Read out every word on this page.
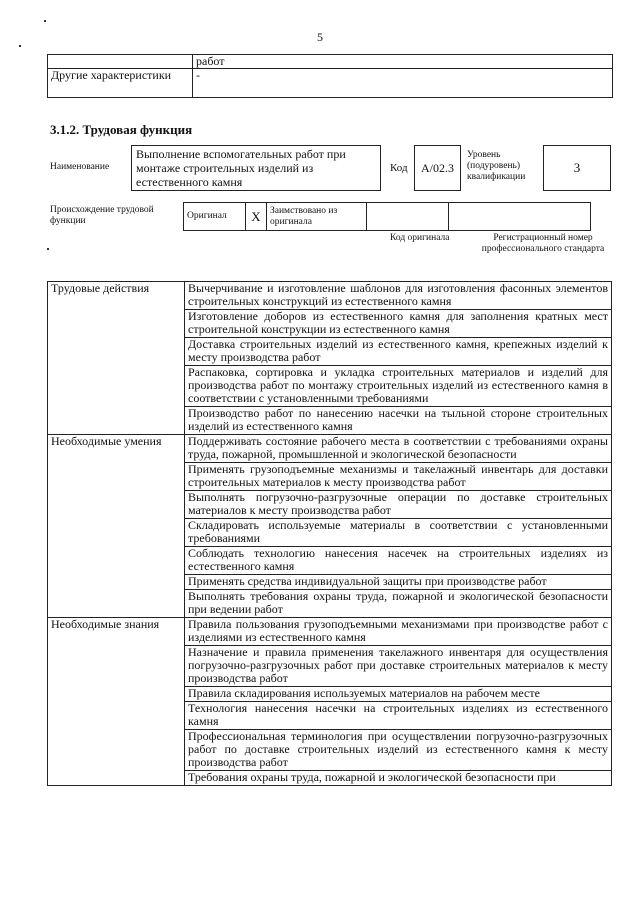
5
	работ
Другие характеристики	-
3.1.2. Трудовая функция
Наименование
Выполнение вспомогательных работ при монтаже строительных изделий из естественного камня
Код	А/02.3
Уровень (подуровень) квалификации
3
Происхождение трудовой функции	Оригинал	X	Заимствовано из оригинала		
Код оригинала	Регистрационный номер профессионального стандарта
Трудовые действия	Вычерчивание и изготовление шаблонов для изготовления фасонных элементов строительных конструкций из естественного камня
	Изготовление доборов из естественного камня для заполнения кратных мест строительной конструкции из естественного камня
	Доставка строительных изделий из естественного камня, крепежных изделий к месту производства работ
	Распаковка, сортировка и укладка строительных материалов и изделий для производства работ по монтажу строительных изделий из естественного камня в соответствии с установленными требованиями
	Производство работ по нанесению насечки на тыльной стороне строительных изделий из естественного камня
Необходимые умения	Поддерживать состояние рабочего места в соответствии с требованиями охраны труда, пожарной, промышленной и экологической безопасности
	Применять грузоподъемные механизмы и такелажный инвентарь для доставки строительных материалов к месту производства работ
	Выполнять погрузочно-разгрузочные операции по доставке строительных материалов к месту производства работ
	Складировать используемые материалы в соответствии с установленными требованиями
	Соблюдать технологию нанесения насечек на строительных изделиях из естественного камня
	Применять средства индивидуальной защиты при производстве работ
	Выполнять требования охраны труда, пожарной и экологической безопасности при ведении работ
Необходимые знания	Правила пользования грузоподъемными механизмами при производстве работ с изделиями из естественного камня
	Назначение и правила применения такелажного инвентаря для осуществления погрузочно-разгрузочных работ при доставке строительных материалов к месту производства работ
	Правила складирования используемых материалов на рабочем месте
	Технология нанесения насечки на строительных изделиях из естественного камня
	Профессиональная терминология при осуществлении погрузочно-разгрузочных работ по доставке строительных изделий из естественного камня к месту производства работ
	Требования охраны труда, пожарной и экологической безопасности при
